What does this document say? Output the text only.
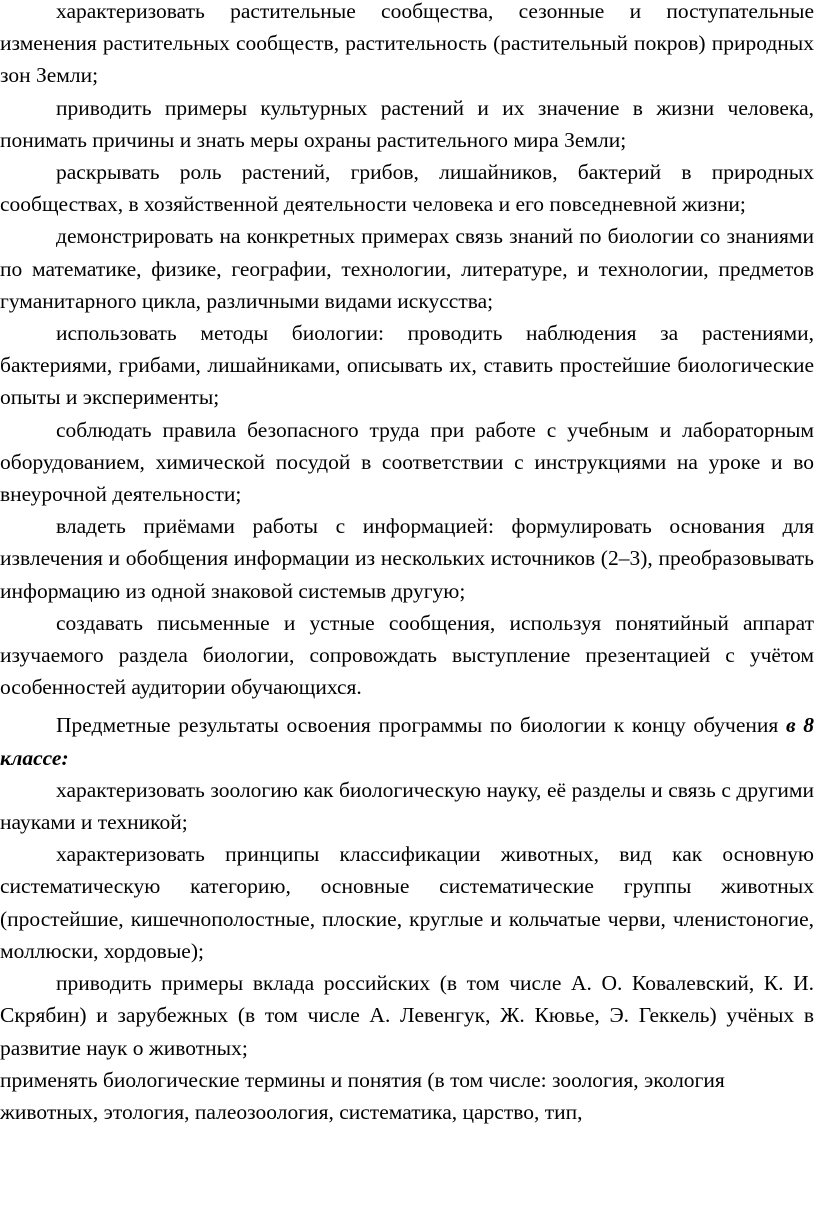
характеризовать растительные сообщества, сезонные и поступательные изменения растительных сообществ, растительность (растительный покров) природных зон Земли;

приводить примеры культурных растений и их значение в жизни человека, понимать причины и знать меры охраны растительного мира Земли;

раскрывать роль растений, грибов, лишайников, бактерий в природных сообществах, в хозяйственной деятельности человека и его повседневной жизни;

демонстрировать на конкретных примерах связь знаний по биологии со знаниями по математике, физике, географии, технологии, литературе, и технологии, предметов гуманитарного цикла, различными видами искусства;

использовать методы биологии: проводить наблюдения за растениями, бактериями, грибами, лишайниками, описывать их, ставить простейшие биологические опыты и эксперименты;

соблюдать правила безопасного труда при работе с учебным и лабораторным оборудованием, химической посудой в соответствии с инструкциями на уроке и во внеурочной деятельности;

владеть приёмами работы с информацией: формулировать основания для извлечения и обобщения информации из нескольких источников (2–3), преобразовывать информацию из одной знаковой системыв другую;

создавать письменные и устные сообщения, используя понятийный аппарат изучаемого раздела биологии, сопровождать выступление презентацией с учётом особенностей аудитории обучающихся.

Предметные результаты освоения программы по биологии к концу обучения в 8 классе:

характеризовать зоологию как биологическую науку, её разделы и связь с другими науками и техникой;

характеризовать принципы классификации животных, вид как основную систематическую категорию, основные систематические группы животных (простейшие, кишечнополостные, плоские, круглые и кольчатые черви, членистоногие, моллюски, хордовые);

приводить примеры вклада российских (в том числе А. О. Ковалевский, К. И. Скрябин) и зарубежных (в том числе А. Левенгук, Ж. Кювье, Э. Геккель) учёных в развитие наук о животных;

применять биологические термины и понятия (в том числе: зоология, экология животных, этология, палеозоология, систематика, царство, тип,
